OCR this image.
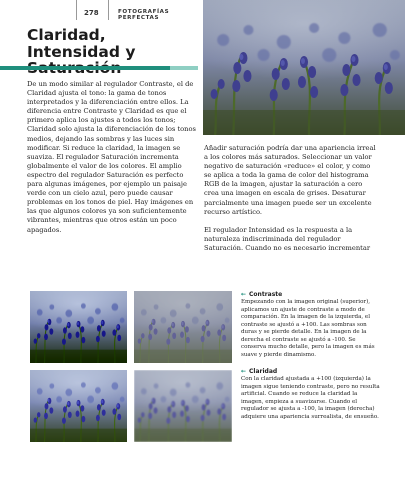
278	FOTOGRAFÍAS PERFECTAS
Claridad, Intensidad y

De un modo similar al regulador Contraste, el de Claridad ajusta el tono: la gama de tonos interpretados y la diferenciación entre ellos. La diferencia entre Contraste y Claridad es que el primero aplica los ajustes a todos los tonos; Claridad solo ajusta la diferenciación de los tonos medios, dejando las sombras y las luces sin modificar. Si reduce la claridad, la imagen se suaviza. El regulador Saturación incrementa globalmente el valor de los colores. El amplio espectro del regulador Saturación es perfecto para algunas imágenes, por ejemplo un paisaje verde con un cielo azul, pero puede causar problemas en los tonos de piel. Hay imágenes en las que algunos colores ya son suficientemente vibrantes, mientras que otros están un poco apagados.

Añadir saturación podría dar una apariencia irreal a los colores más saturados. Seleccionar un valor negativo de saturación «reduce» el color, y como se aplica a toda la gama de color del histograma RGB de la imagen, ajustar la saturación a cero crea una imagen en escala de grises. Desaturar parcialmente una imagen puede ser un excelente recurso artístico.

El regulador Intensidad es la respuesta a la naturaleza indiscriminada del regulador Saturación. Cuando no es necesario incrementar

← Contraste

Empezando con la imagen original (superior), aplicamos un ajuste de contraste a modo de comparación. En la imagen de la izquierda, el contraste se ajustó a +100. Las sombras son duras y se pierde detalle. En la imagen de la derecha el contraste se ajustó a -100. Se conserva mucho detalle, pero la imagen es más suave y pierde dinamismo.

← Claridad

Con la claridad ajustada a +100 (izquierda) la imagen sigue teniendo contraste, pero no resulta artificial. Cuando se reduce la claridad la imagen, empieza a suavizarse. Cuando el regulador se ajusta a -100, la imagen (derecha) adquiere una apariencia surrealista, de ensueño.
